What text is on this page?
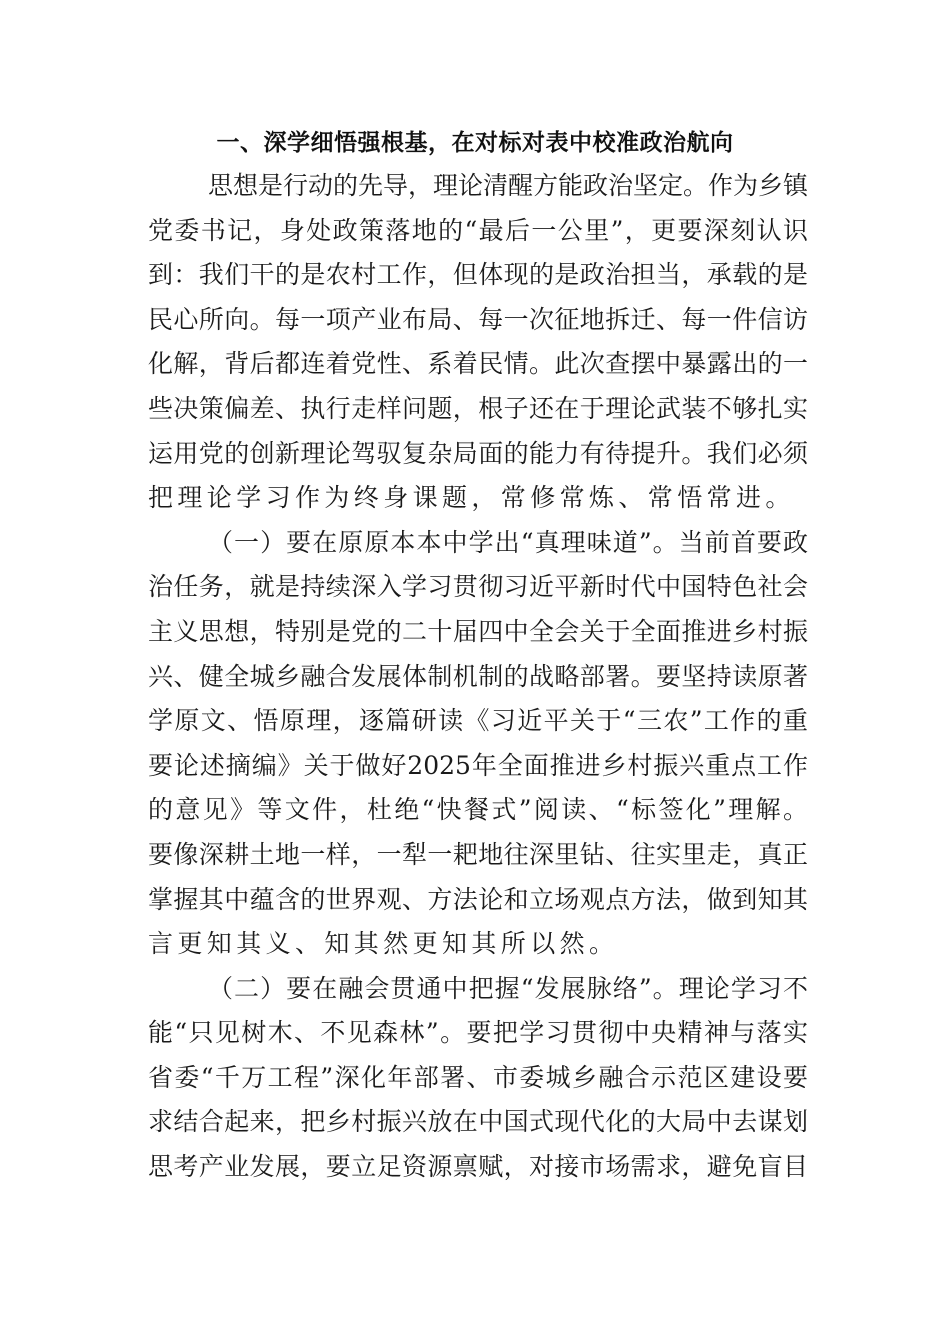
一、深学细悟强根基，在对标对表中校准政治航向
思想是行动的先导，理论清醒方能政治坚定。作为乡镇
党委书记，身处政策落地的“最后一公里”，更要深刻认识
到：我们干的是农村工作，但体现的是政治担当，承载的是
民心所向。每一项产业布局、每一次征地拆迁、每一件信访
化解，背后都连着党性、系着民情。此次查摆中暴露出的一
些决策偏差、执行走样问题，根子还在于理论武装不够扎实
运用党的创新理论驾驭复杂局面的能力有待提升。我们必须
把理论学习作为终身课题，常修常炼、常悟常进。
（一）要在原原本本中学出“真理味道”。当前首要政
治任务，就是持续深入学习贯彻习近平新时代中国特色社会
主义思想，特别是党的二十届四中全会关于全面推进乡村振
兴、健全城乡融合发展体制机制的战略部署。要坚持读原著
学原文、悟原理，逐篇研读《习近平关于“三农”工作的重
要论述摘编》关于做好2025年全面推进乡村振兴重点工作
的意见》等文件，杜绝“快餐式”阅读、“标签化”理解。
要像深耕土地一样，一犁一耙地往深里钻、往实里走，真正
掌握其中蕴含的世界观、方法论和立场观点方法，做到知其
言更知其义、知其然更知其所以然。
（二）要在融会贯通中把握“发展脉络”。理论学习不
能“只见树木、不见森林”。要把学习贯彻中央精神与落实
省委“千万工程”深化年部署、市委城乡融合示范区建设要
求结合起来，把乡村振兴放在中国式现代化的大局中去谋划
思考产业发展，要立足资源禀赋，对接市场需求，避免盲目
